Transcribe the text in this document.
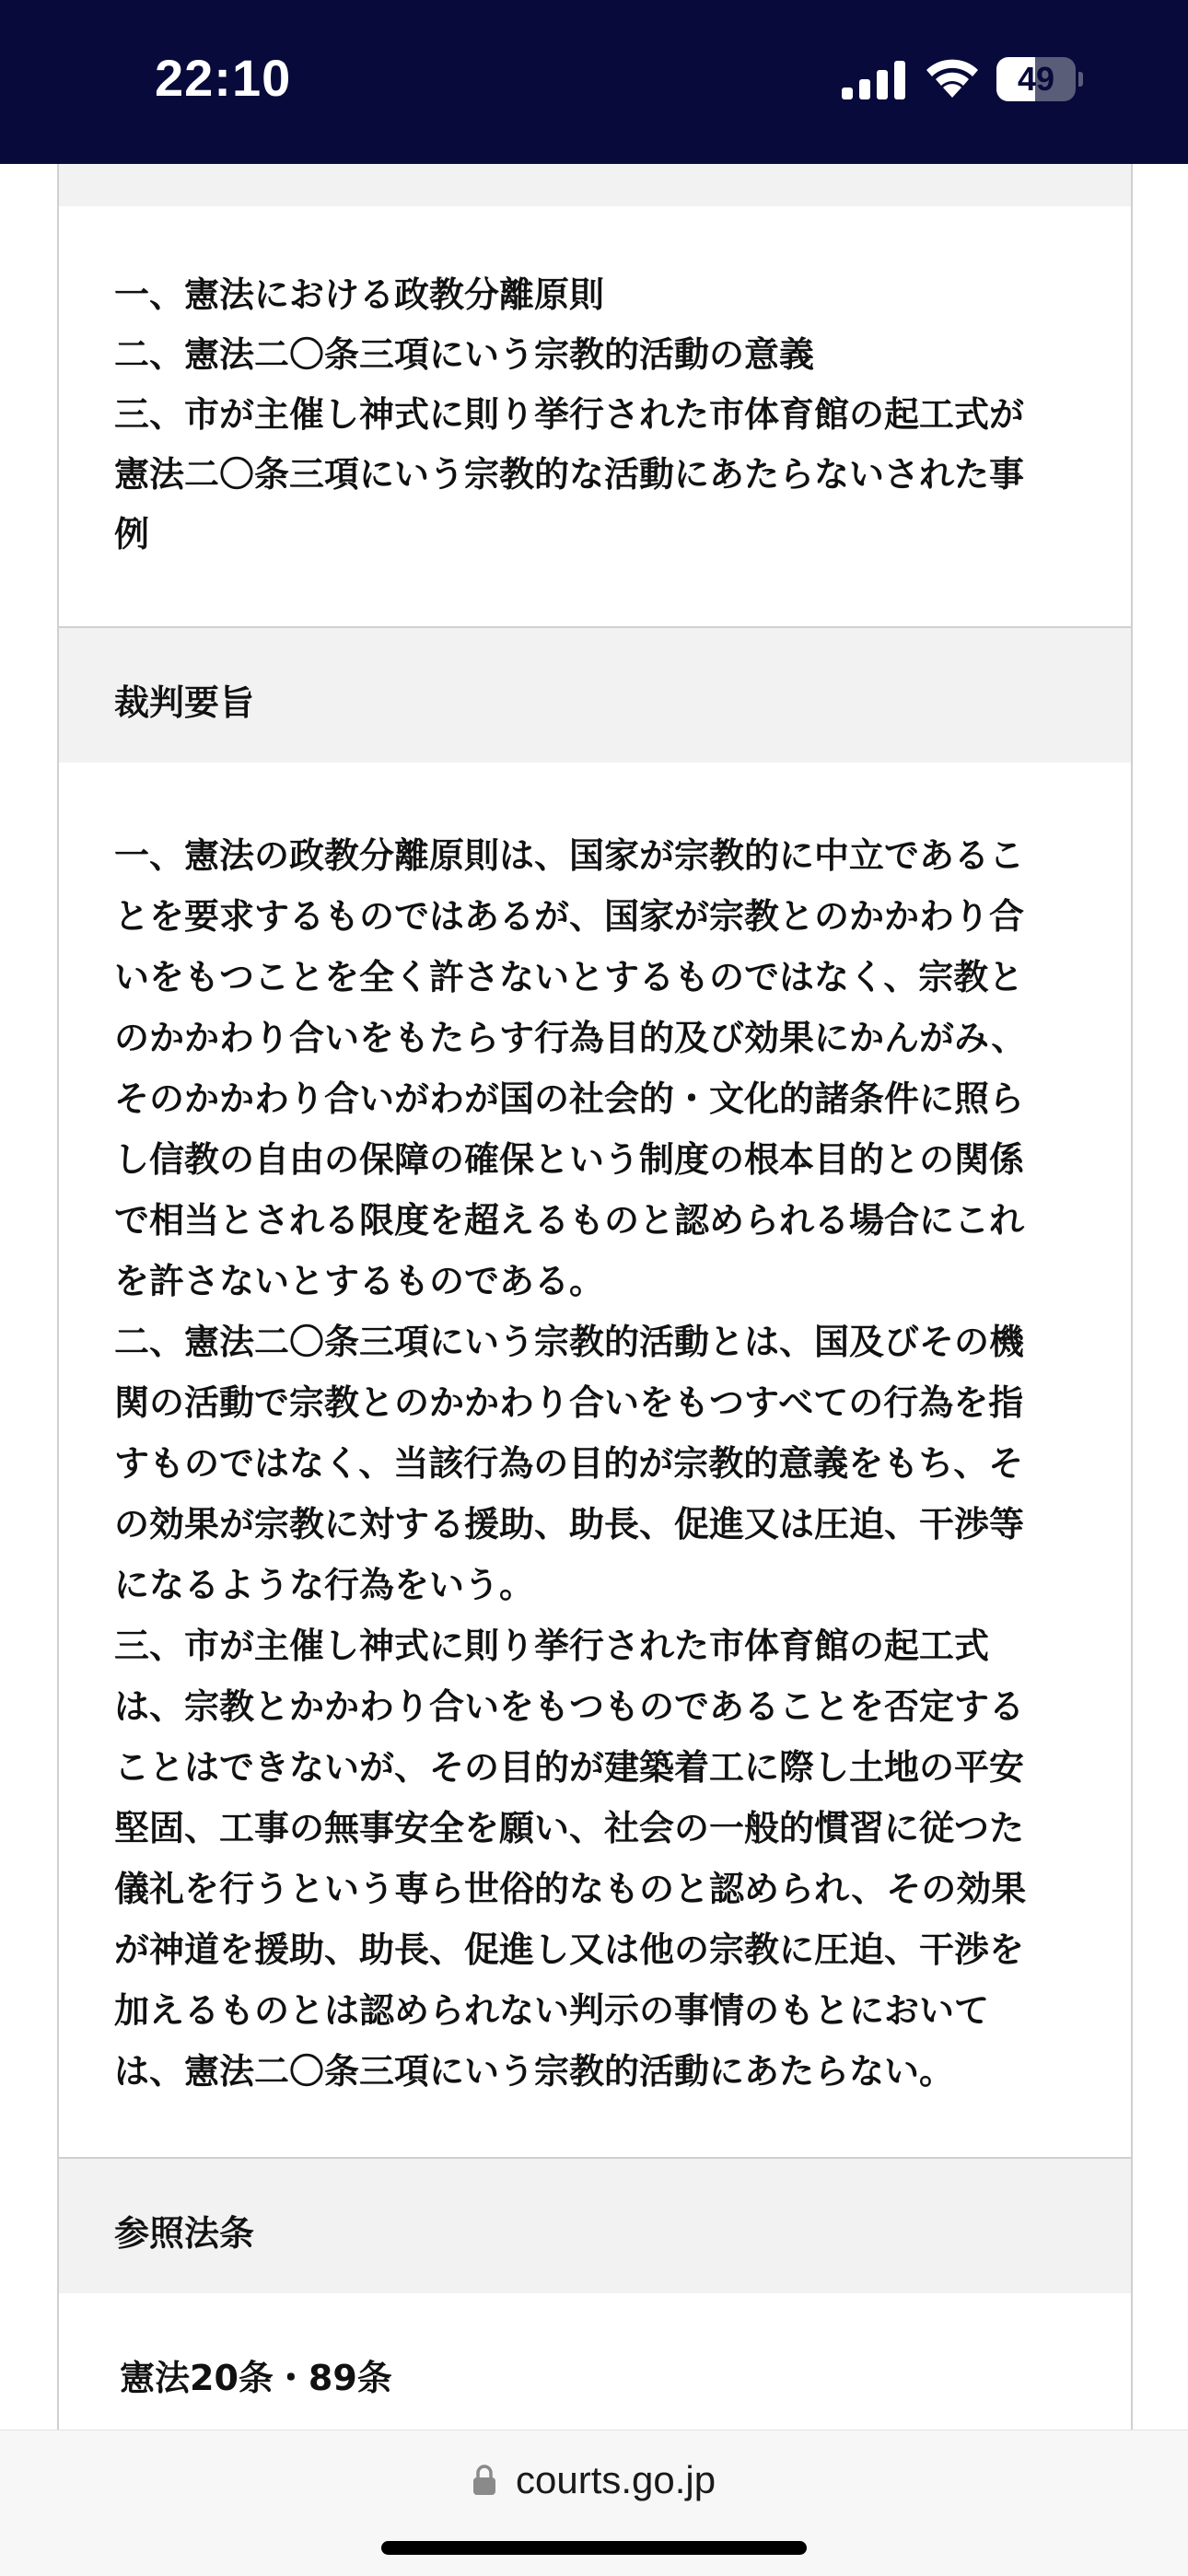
22:10	49
一、憲法における政教分離原則
二、憲法二〇条三項にいう宗教的活動の意義
三、市が主催し神式に則り挙行された市体育館の起工式が
憲法二〇条三項にいう宗教的な活動にあたらないされた事
例
裁判要旨
一、憲法の政教分離原則は、国家が宗教的に中立であるこ
とを要求するものではあるが、国家が宗教とのかかわり合
いをもつことを全く許さないとするものではなく、宗教と
のかかわり合いをもたらす行為目的及び効果にかんがみ、
そのかかわり合いがわが国の社会的・文化的諸条件に照ら
し信教の自由の保障の確保という制度の根本目的との関係
で相当とされる限度を超えるものと認められる場合にこれ
を許さないとするものである。
二、憲法二〇条三項にいう宗教的活動とは、国及びその機
関の活動で宗教とのかかわり合いをもつすべての行為を指
すものではなく、当該行為の目的が宗教的意義をもち、そ
の効果が宗教に対する援助、助長、促進又は圧迫、干渉等
になるような行為をいう。
三、市が主催し神式に則り挙行された市体育館の起工式
は、宗教とかかわり合いをもつものであることを否定する
ことはできないが、その目的が建築着工に際し土地の平安
堅固、工事の無事安全を願い、社会の一般的慣習に従つた
儀礼を行うという専ら世俗的なものと認められ、その効果
が神道を援助、助長、促進し又は他の宗教に圧迫、干渉を
加えるものとは認められない判示の事情のもとにおいて
は、憲法二〇条三項にいう宗教的活動にあたらない。
参照法条
憲法20条・89条
courts.go.jp
